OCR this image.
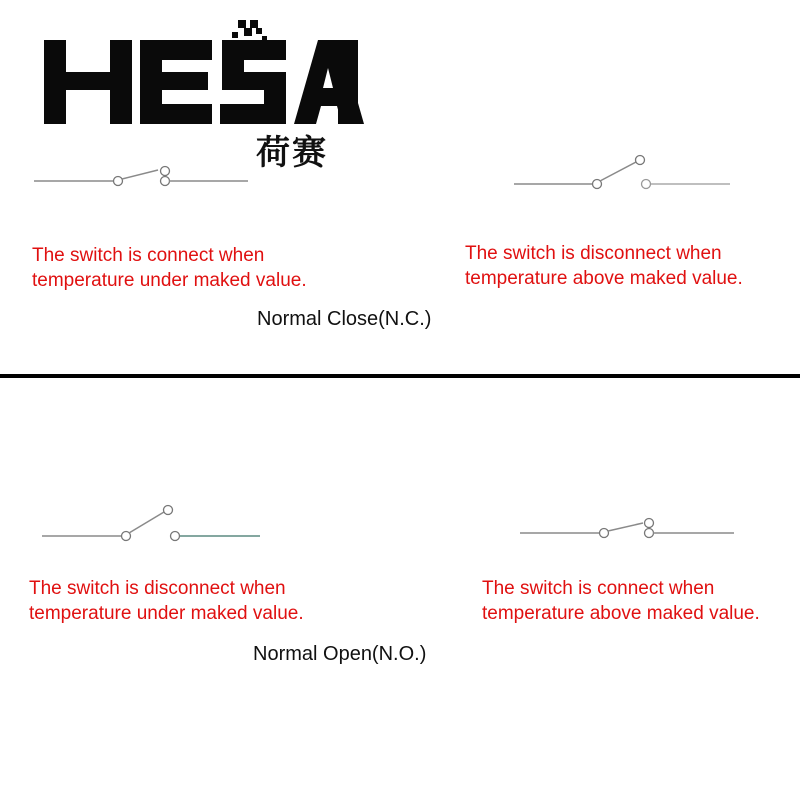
荷赛
The switch is connect when
temperature under maked value.
The switch is disconnect when
temperature above maked value.
Normal Close(N.C.)
The switch is disconnect when
temperature under maked value.
The switch is connect when
temperature above maked value.
Normal Open(N.O.)
